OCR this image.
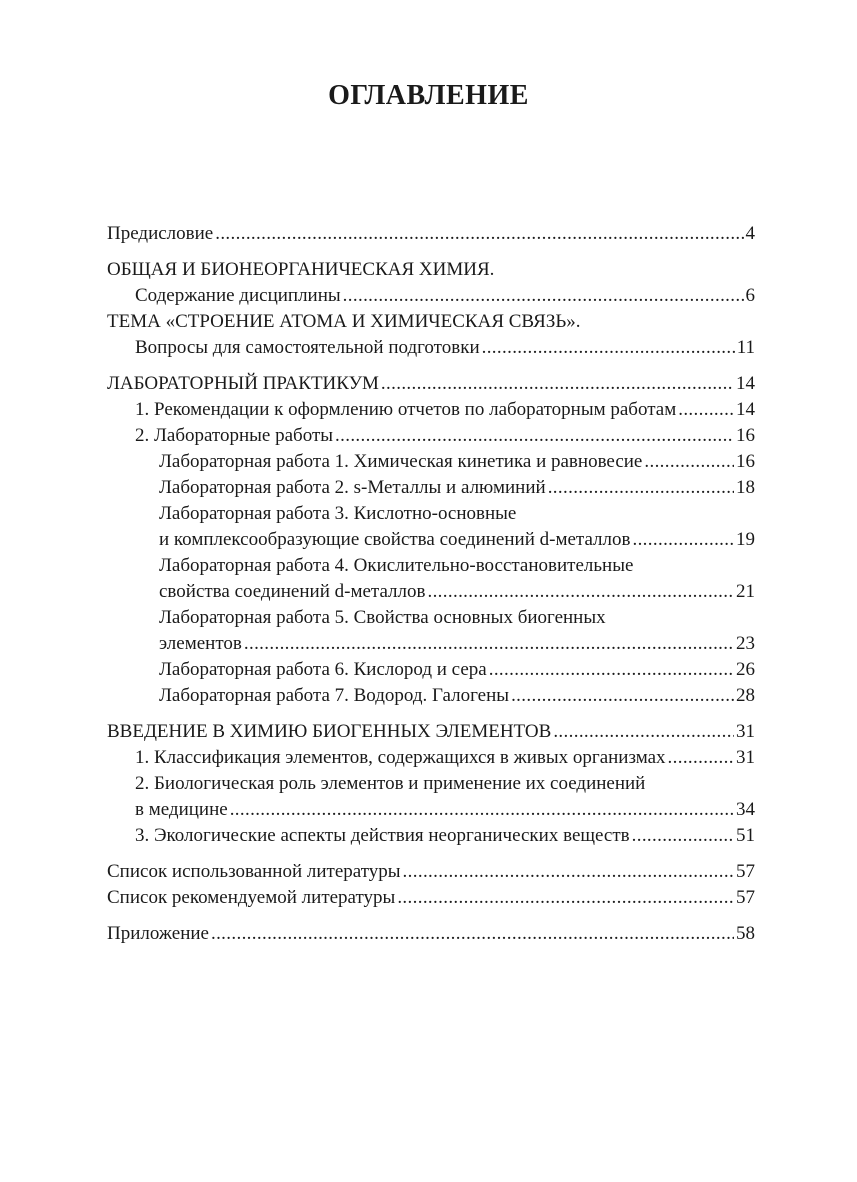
ОГЛАВЛЕНИЕ
Предисловие . . .	4
ОБЩАЯ И БИОНЕОРГАНИЧЕСКАЯ ХИМИЯ.
Содержание дисциплины . . .	6
ТЕМА «СТРОЕНИЕ АТОМА И ХИМИЧЕСКАЯ СВЯЗЬ».
Вопросы для самостоятельной подготовки . . .	11
ЛАБОРАТОРНЫЙ ПРАКТИКУМ . . .	14
1. Рекомендации к оформлению отчетов по лабораторным работам . . .	14
2. Лабораторные работы . . .	16
Лабораторная работа 1. Химическая кинетика и равновесие . . .	16
Лабораторная работа 2. s-Металлы и алюминий . . .	18
Лабораторная работа 3. Кислотно-основные
и комплексообразующие свойства соединений d-металлов . . .	19
Лабораторная работа 4. Окислительно-восстановительные
свойства соединений d-металлов . . .	21
Лабораторная работа 5. Свойства основных биогенных
элементов . . .	23
Лабораторная работа 6. Кислород и сера . . .	26
Лабораторная работа 7. Водород. Галогены . . .	28
ВВЕДЕНИЕ В ХИМИЮ БИОГЕННЫХ ЭЛЕМЕНТОВ . . .	31
1. Классификация элементов, содержащихся в живых организмах . . .	31
2. Биологическая роль элементов и применение их соединений
в медицине . . .	34
3. Экологические аспекты действия неорганических веществ . . .	51
Список использованной литературы . . .	57
Список рекомендуемой литературы . . .	57
Приложение . . .	58
